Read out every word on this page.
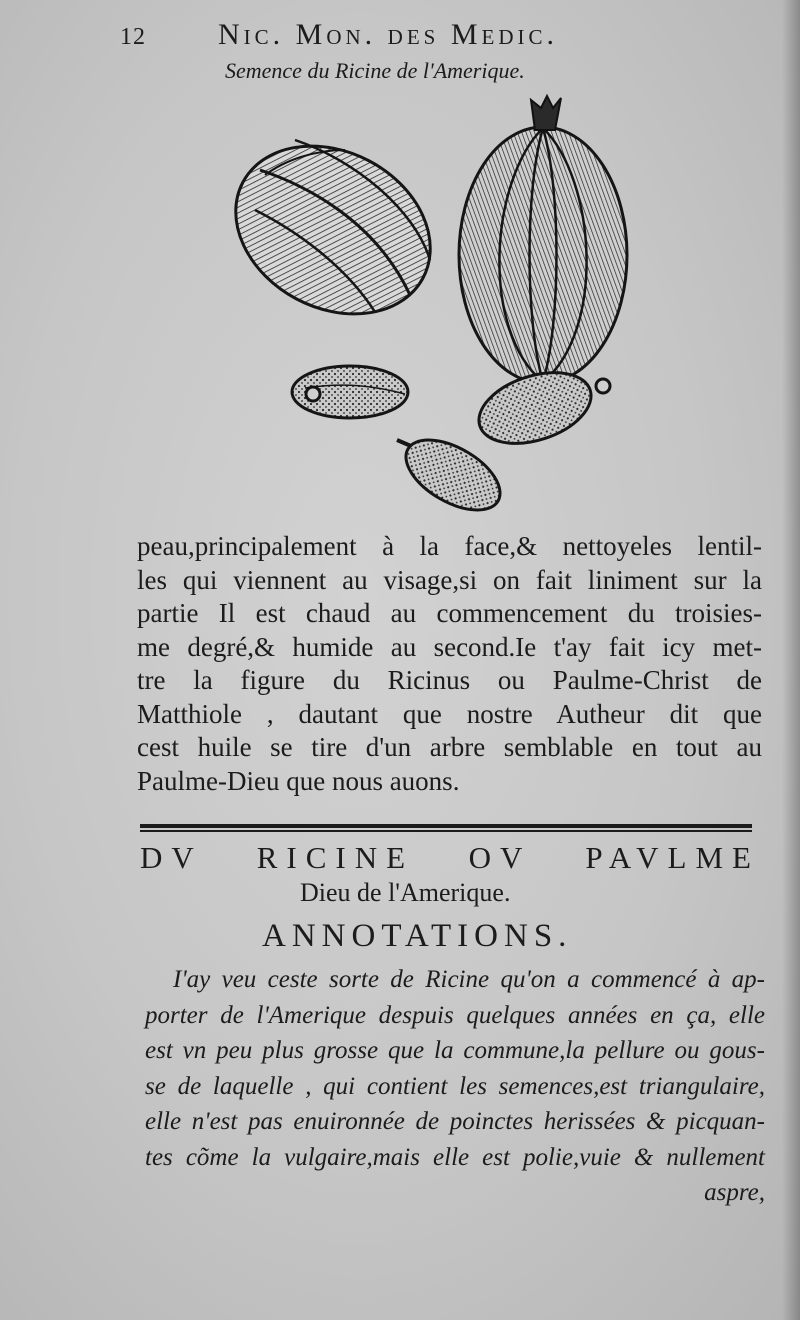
12 Nic. Mon. des Medic.
Semence du Ricine de l'Amerique.
peau,principalement à la face,& nettoyeles lentil-
les qui viennent au visage,si on fait liniment sur la
partie Il est chaud au commencement du troisies-
me degré,& humide au second.Ie t'ay fait icy met-
tre la figure du Ricinus ou Paulme-Christ de
Matthiole , dautant que nostre Autheur dit que
cest huile se tire d'un arbre semblable en tout au
Paulme-Dieu que nous auons.
DV RICINE OV PAVLME
Dieu de l'Amerique.
ANNOTATIONS.
I'ay veu ceste sorte de Ricine qu'on a commencé à ap-
porter de l'Amerique despuis quelques années en ça, elle
est vn peu plus grosse que la commune,la pellure ou gous-
se de laquelle , qui contient les semences,est triangulaire,
elle n'est pas enuironnée de poinctes herissées & picquan-
tes cõme la vulgaire,mais elle est polie,vuie & nullement
aspre,
